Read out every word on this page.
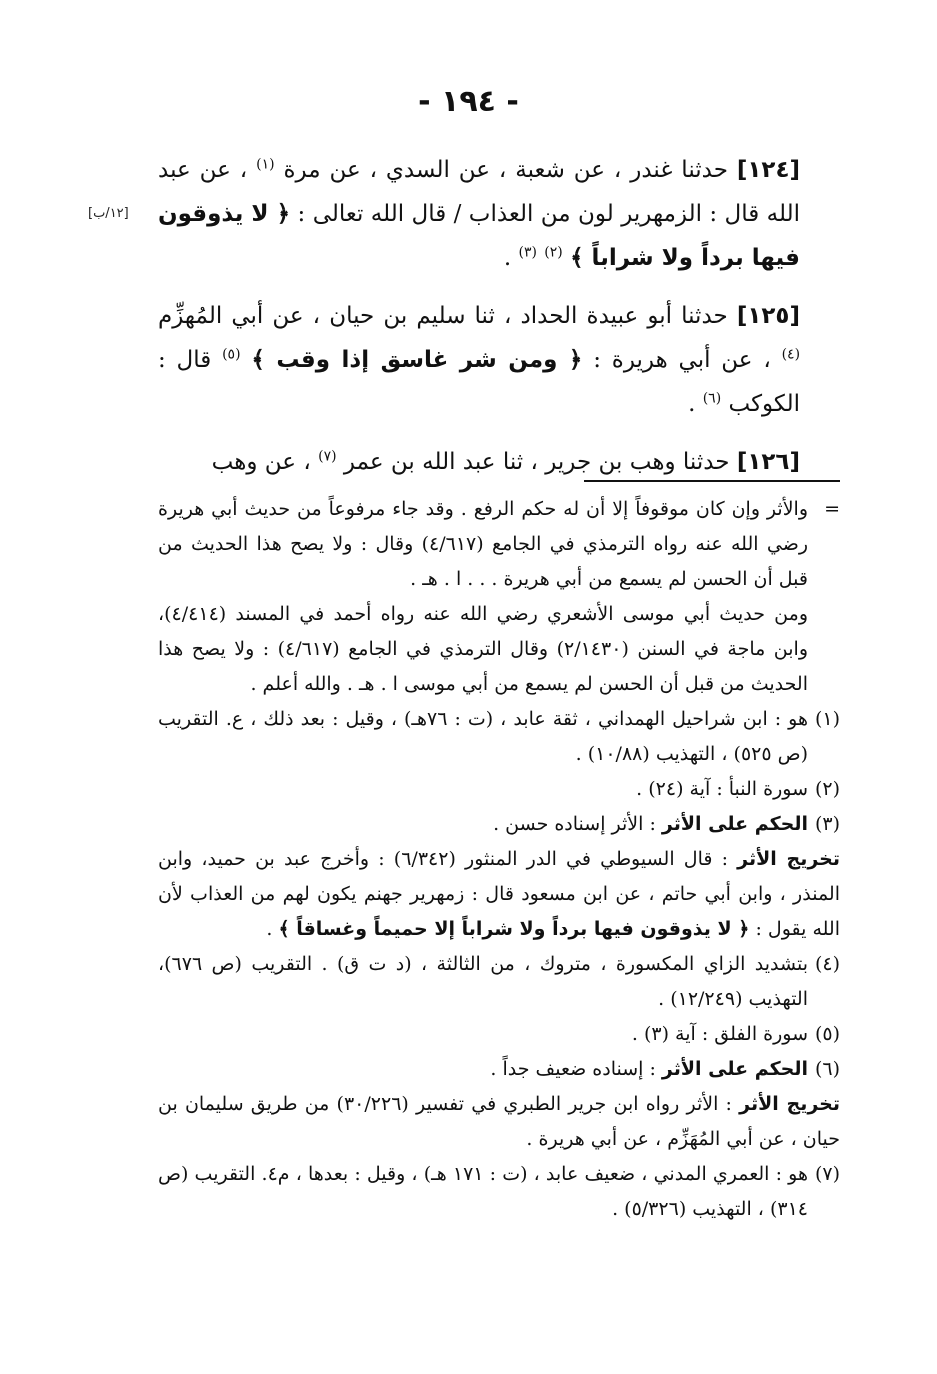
- ١٩٤ -
[١٢/ب]

[١٢٤] حدثنا غندر ، عن شعبة ، عن السدي ، عن مرة $^{(١)}$ ، عن عبد الله قال : الزمهرير لون من العذاب / قال الله تعالى : ﴿ لا يذوقون فيها برداً ولا شراباً ﴾ $^{(٢)}$ $^{(٣)}$ .

[١٢٥] حدثنا أبو عبيدة الحداد ، ثنا سليم بن حيان ، عن أبي المُهزِّم $^{(٤)}$ ، عن أبي هريرة : ﴿ ومن شر غاسق إذا وقب ﴾ $^{(٥)}$ قال : الكوكب $^{(٦)}$ .

[١٢٦] حدثنا وهب بن جرير ، ثنا عبد الله بن عمر $^{(٧)}$ ، عن وهب

=
والأثر وإن كان موقوفاً إلا أن له حكم الرفع . وقد جاء مرفوعاً من حديث أبي هريرة رضي الله عنه رواه الترمذي في الجامع (٤/٦١٧) وقال : ولا يصح هذا الحديث من قبل أن الحسن لم يسمع من أبي هريرة . . . ا . هـ .
ومن حديث أبي موسى الأشعري رضي الله عنه رواه أحمد في المسند (٤/٤١٤)، وابن ماجة في السنن (٢/١٤٣٠) وقال الترمذي في الجامع (٤/٦١٧) : ولا يصح هذا الحديث من قبل أن الحسن لم يسمع من أبي موسى ا . هـ . والله أعلم .
(١)
هو : ابن شراحيل الهمداني ، ثقة عابد ، (ت : ٧٦هـ) ، وقيل : بعد ذلك ، ع. التقريب (ص ٥٢٥) ، التهذيب (١٠/٨٨) .
(٢)
سورة النبأ : آية (٢٤) .
(٣)
الحكم على الأثر : الأثر إسناده حسن .
تخريج الأثر : قال السيوطي في الدر المنثور (٦/٣٤٢) : وأخرج عبد بن حميد، وابن المنذر ، وابن أبي حاتم ، عن ابن مسعود قال : زمهرير جهنم يكون لهم من العذاب لأن الله يقول : ﴿ لا يذوقون فيها برداً ولا شراباً إلا حميماً وغساقاً ﴾ .
(٤)
بتشديد الزاي المكسورة ، متروك ، من الثالثة ، (د ت ق) . التقريب (ص ٦٧٦)، التهذيب (١٢/٢٤٩) .
(٥)
سورة الفلق : آية (٣) .
(٦)
الحكم على الأثر : إسناده ضعيف جداً .
تخريج الأثر : الأثر رواه ابن جرير الطبري في تفسير (٣٠/٢٢٦) من طريق سليمان بن حيان ، عن أبي المُهَزِّم ، عن أبي هريرة .
(٧)
هو : العمري المدني ، ضعيف عابد ، (ت : ١٧١ هـ) ، وقيل : بعدها ، م٤. التقريب (ص ٣١٤) ، التهذيب (٥/٣٢٦) .
